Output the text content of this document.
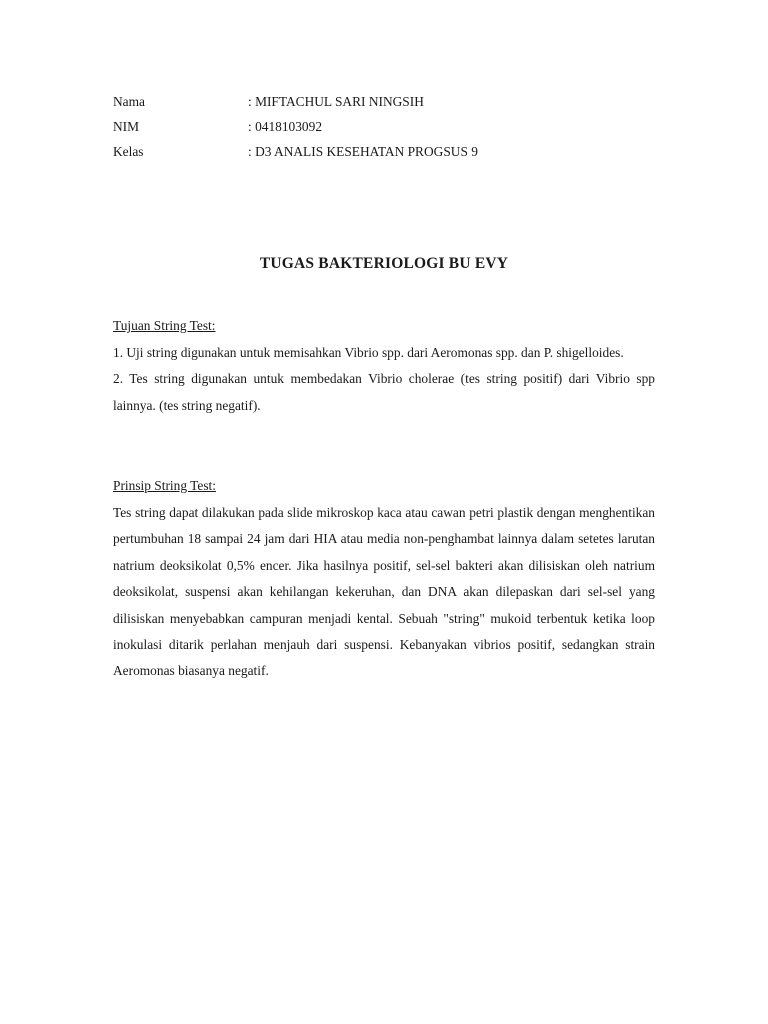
Nama	: MIFTACHUL SARI NINGSIH
NIM	: 0418103092
Kelas	: D3 ANALIS KESEHATAN PROGSUS 9
TUGAS BAKTERIOLOGI BU EVY
Tujuan String Test:

1. Uji string digunakan untuk memisahkan Vibrio spp. dari Aeromonas spp. dan P. shigelloides.

2. Tes string digunakan untuk membedakan Vibrio cholerae (tes string positif) dari Vibrio spp lainnya. (tes string negatif).

Prinsip String Test:

Tes string dapat dilakukan pada slide mikroskop kaca atau cawan petri plastik dengan menghentikan pertumbuhan 18 sampai 24 jam dari HIA atau media non-penghambat lainnya dalam setetes larutan natrium deoksikolat 0,5% encer. Jika hasilnya positif, sel-sel bakteri akan dilisiskan oleh natrium deoksikolat, suspensi akan kehilangan kekeruhan, dan DNA akan dilepaskan dari sel-sel yang dilisiskan menyebabkan campuran menjadi kental. Sebuah "string" mukoid terbentuk ketika loop inokulasi ditarik perlahan menjauh dari suspensi. Kebanyakan vibrios positif, sedangkan strain Aeromonas biasanya negatif.
